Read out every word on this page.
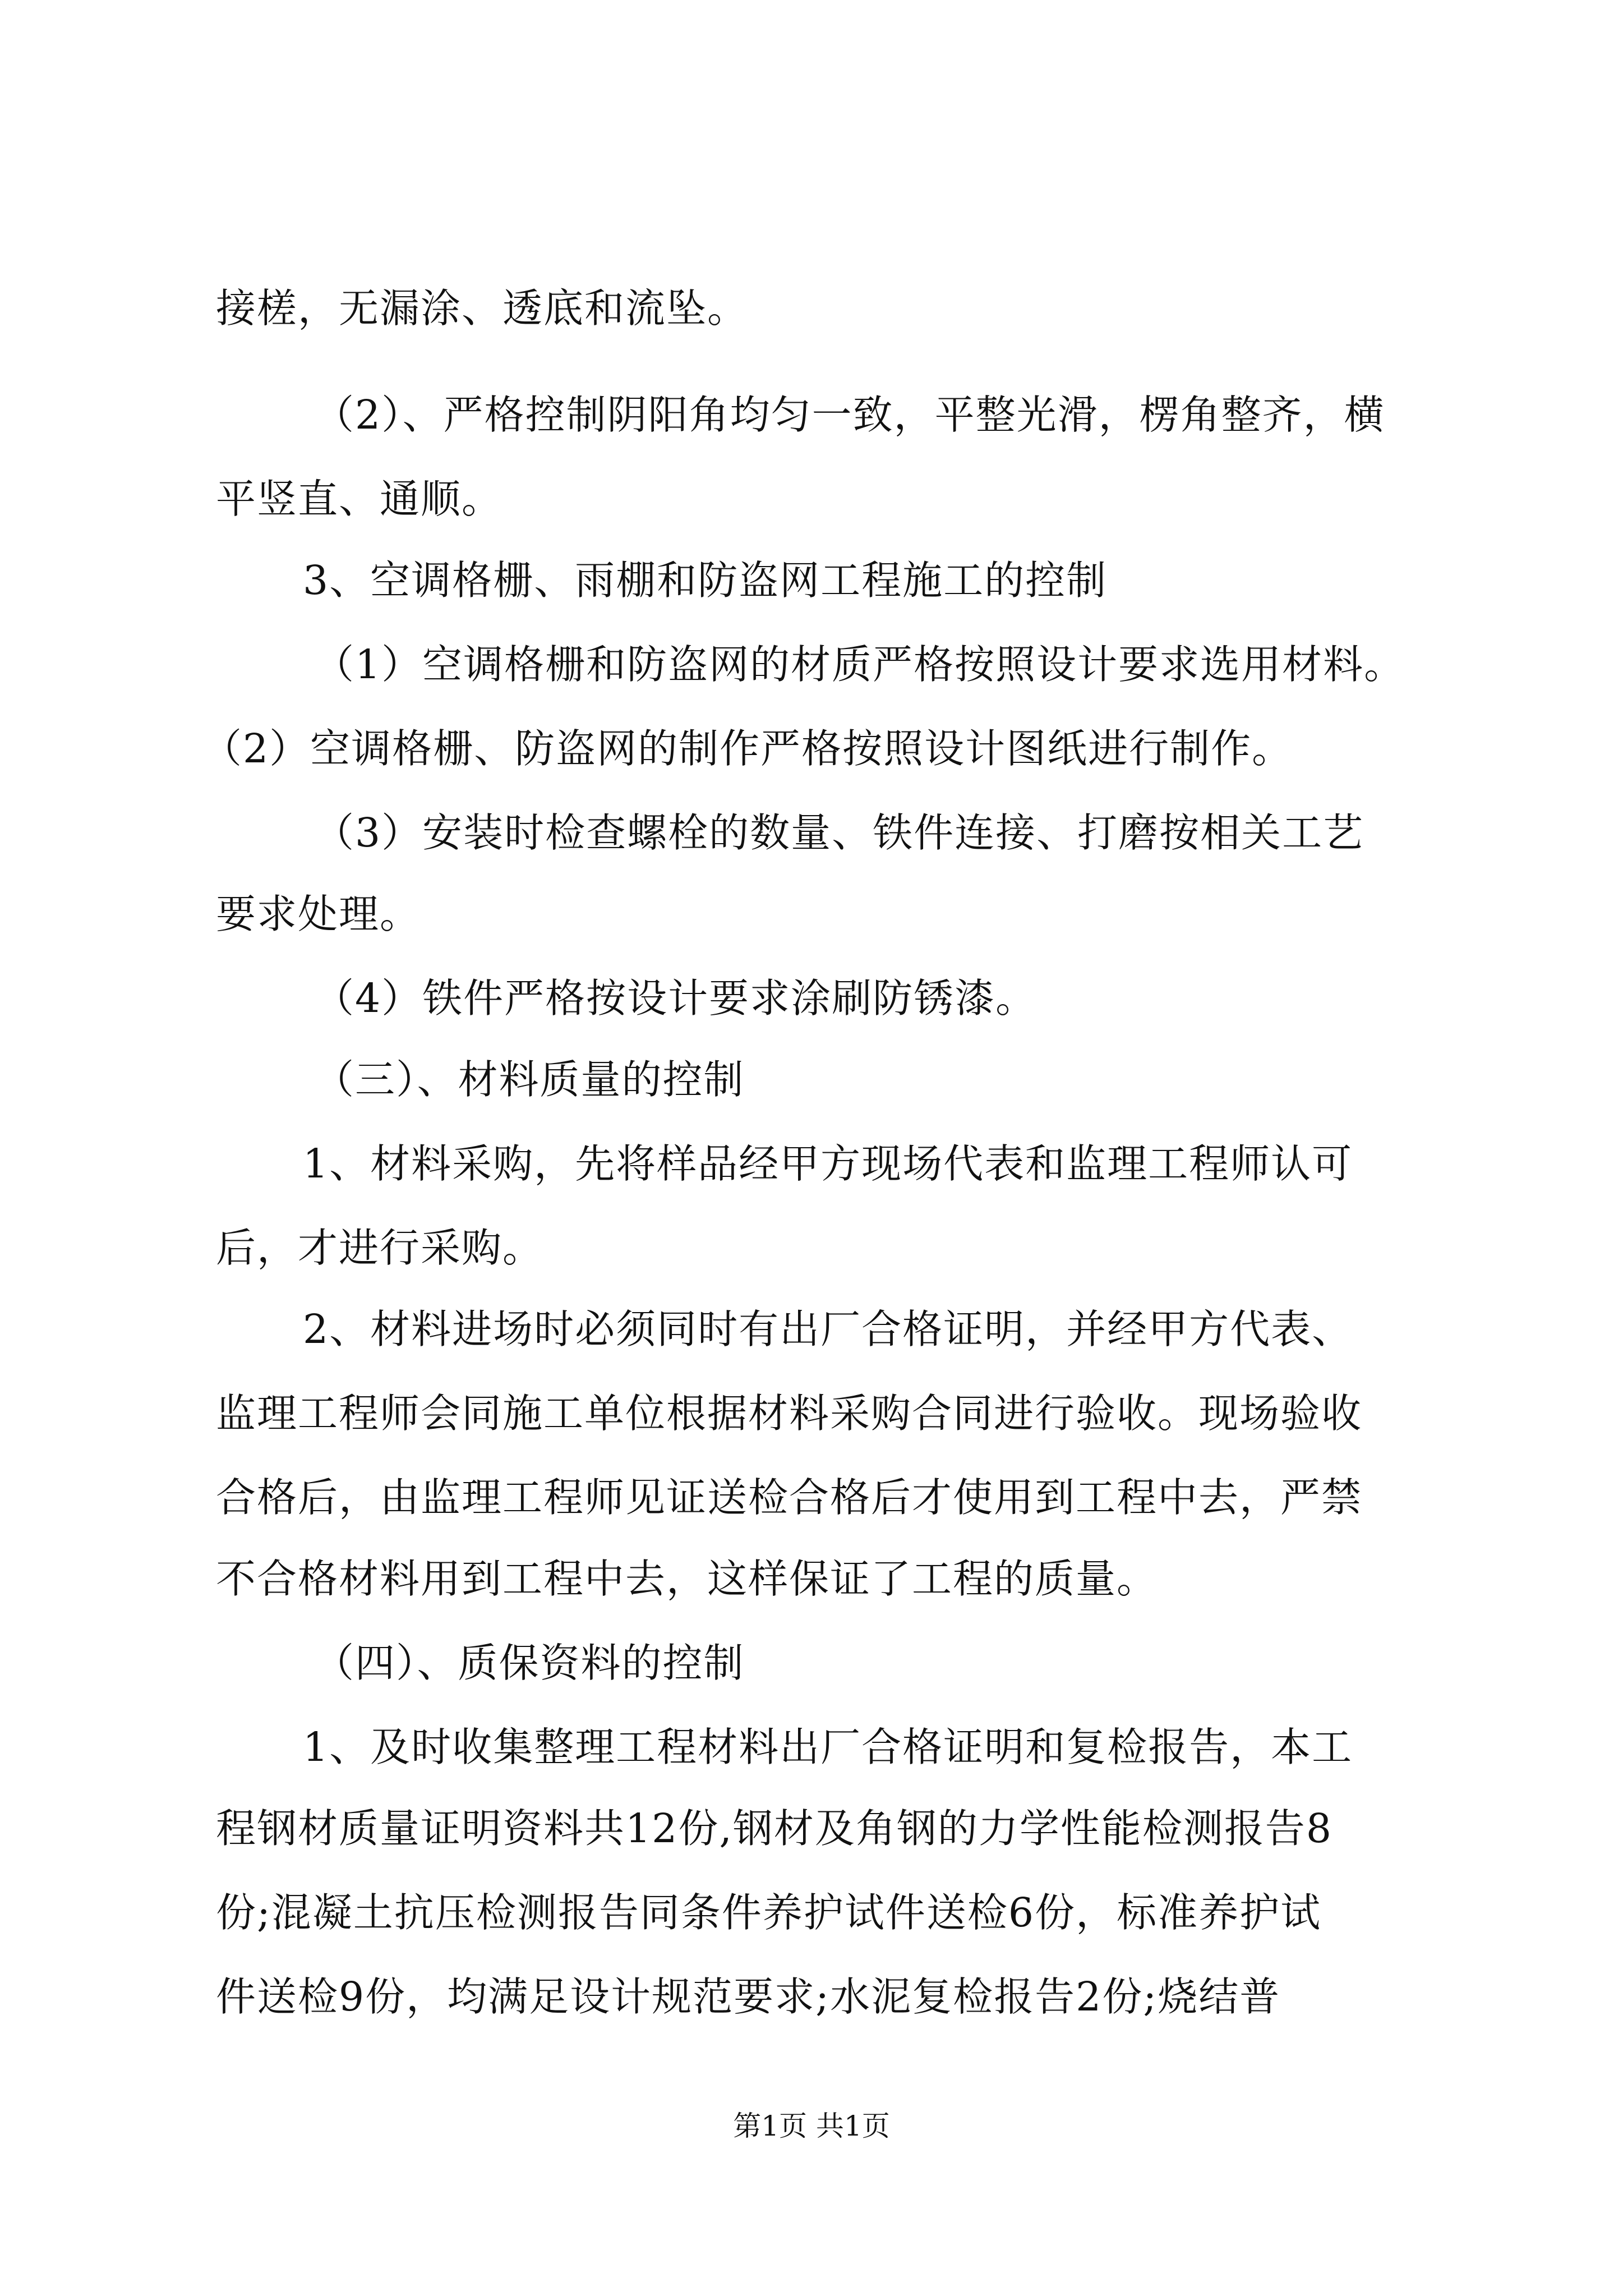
接槎，无漏涂、透底和流坠。
（2）、严格控制阴阳角均匀一致，平整光滑，楞角整齐，横
平竖直、通顺。
3、空调格栅、雨棚和防盗网工程施工的控制
（1）空调格栅和防盗网的材质严格按照设计要求选用材料。
（2）空调格栅、防盗网的制作严格按照设计图纸进行制作。
（3）安装时检查螺栓的数量、铁件连接、打磨按相关工艺
要求处理。
（4）铁件严格按设计要求涂刷防锈漆。
（三）、材料质量的控制
1、材料采购，先将样品经甲方现场代表和监理工程师认可
后，才进行采购。
2、材料进场时必须同时有出厂合格证明，并经甲方代表、
监理工程师会同施工单位根据材料采购合同进行验收。现场验收
合格后，由监理工程师见证送检合格后才使用到工程中去，严禁
不合格材料用到工程中去，这样保证了工程的质量。
（四）、质保资料的控制
1、及时收集整理工程材料出厂合格证明和复检报告，本工
程钢材质量证明资料共12份,钢材及角钢的力学性能检测报告8
份;混凝土抗压检测报告同条件养护试件送检6份，标准养护试
件送检9份，均满足设计规范要求;水泥复检报告2份;烧结普
第1页 共1页
